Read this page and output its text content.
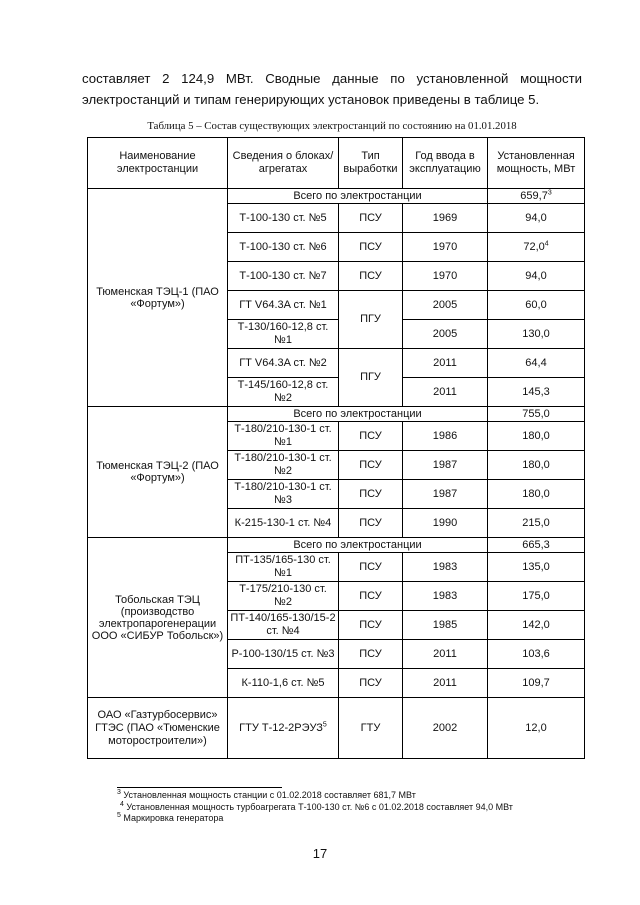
составляет 2 124,9 МВт. Сводные данные по установленной мощности

электростанций и типам генерирующих установок приведены в таблице 5.

Таблица 5 – Состав существующих электростанций по состоянию на 01.01.2018
Наименование электростанции	Сведения о блоках/ агрегатах	Тип выработки	Год ввода в эксплуатацию	Установленная мощность, МВт
Тюменская ТЭЦ-1 (ПАО «Фортум»)	Всего по электростанции			659,7$^3$
	Т-100-130 ст. №5	ПСУ	1969	94,0
	Т-100-130 ст. №6	ПСУ	1970	72,0$^4$
	Т-100-130 ст. №7	ПСУ	1970	94,0
	ГТ V64.3A ст. №1	ПГУ	2005	60,0
	Т-130/160-12,8 ст. №1		2005	130,0
	ГТ V64.3A ст. №2	ПГУ	2011	64,4
	Т-145/160-12,8 ст. №2		2011	145,3
Тюменская ТЭЦ-2 (ПАО «Фортум»)	Всего по электростанции			755,0
	Т-180/210-130-1 ст. №1	ПСУ	1986	180,0
	Т-180/210-130-1 ст. №2	ПСУ	1987	180,0
	Т-180/210-130-1 ст. №3	ПСУ	1987	180,0
	К-215-130-1 ст. №4	ПСУ	1990	215,0
Тобольская ТЭЦ (производство электропарогенерации ООО «СИБУР Тобольск»)	Всего по электростанции			665,3
	ПТ-135/165-130 ст. №1	ПСУ	1983	135,0
	Т-175/210-130 ст. №2	ПСУ	1983	175,0
	ПТ-140/165-130/15-2 ст. №4	ПСУ	1985	142,0
	Р-100-130/15 ст. №3	ПСУ	2011	103,6
	К-110-1,6 ст. №5	ПСУ	2011	109,7
ОАО «Газтурбосервис» ГТЭС (ПАО «Тюменские моторостроители»)	ГТУ Т-12-2РЭУЗ$^5$	ГТУ	2002	12,0
$^3$ Установленная мощность станции с 01.02.2018 составляет 681,7 МВт
$^4$ Установленная мощность турбоагрегата Т-100-130 ст. №6 с 01.02.2018 составляет 94,0 МВт
$^5$ Маркировка генератора
17
